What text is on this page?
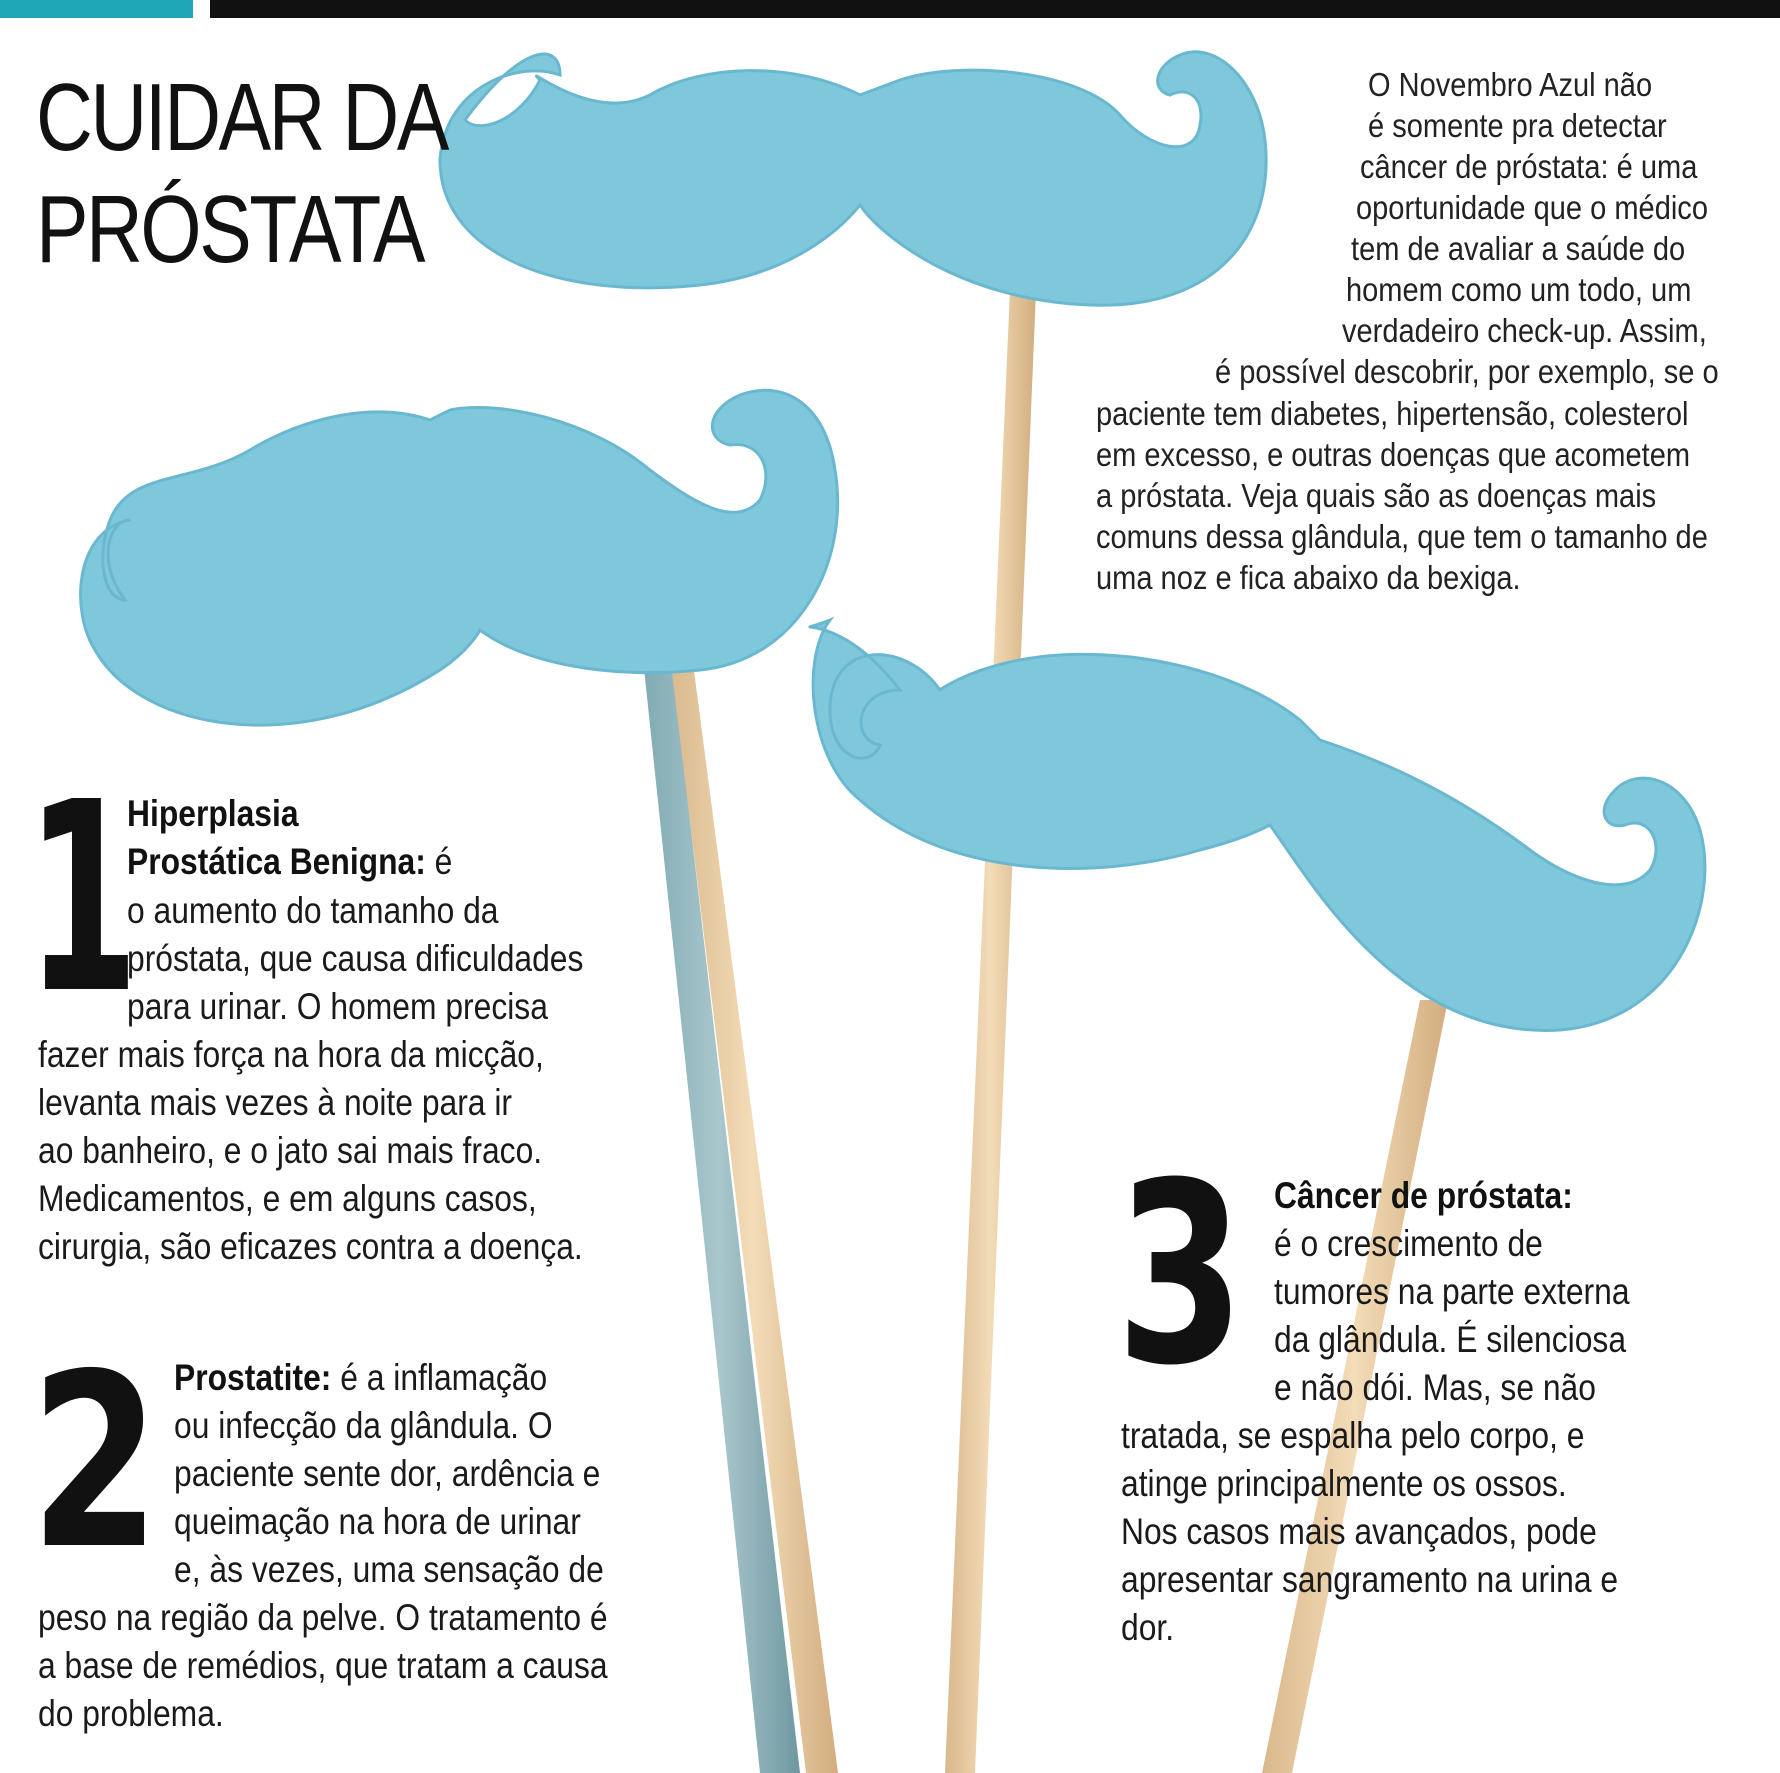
CUIDAR DA
PRÓSTATA
O Novembro Azul não
é somente pra detectar
câncer de próstata: é uma
oportunidade que o médico
tem de avaliar a saúde do
homem como um todo, um
verdadeiro check-up. Assim,
é possível descobrir, por exemplo, se o
paciente tem diabetes, hipertensão, colesterol
em excesso, e outras doenças que acometem
a próstata. Veja quais são as doenças mais
comuns dessa glândula, que tem o tamanho de
uma noz e fica abaixo da bexiga.
1
Hiperplasia
Prostática Benigna: é
o aumento do tamanho da
próstata, que causa dificuldades
para urinar. O homem precisa
fazer mais força na hora da micção,
levanta mais vezes à noite para ir
ao banheiro, e o jato sai mais fraco.
Medicamentos, e em alguns casos,
cirurgia, são eficazes contra a doença.
2 Prostatite: é a inflamação
ou infecção da glândula. O
paciente sente dor, ardência e
queimação na hora de urinar
e, às vezes, uma sensação de
peso na região da pelve. O tratamento é
a base de remédios, que tratam a causa
do problema.
3 Câncer de próstata:
é o crescimento de
tumores na parte externa
da glândula. É silenciosa
e não dói. Mas, se não
tratada, se espalha pelo corpo, e
atinge principalmente os ossos.
Nos casos mais avançados, pode
apresentar sangramento na urina e
dor.
